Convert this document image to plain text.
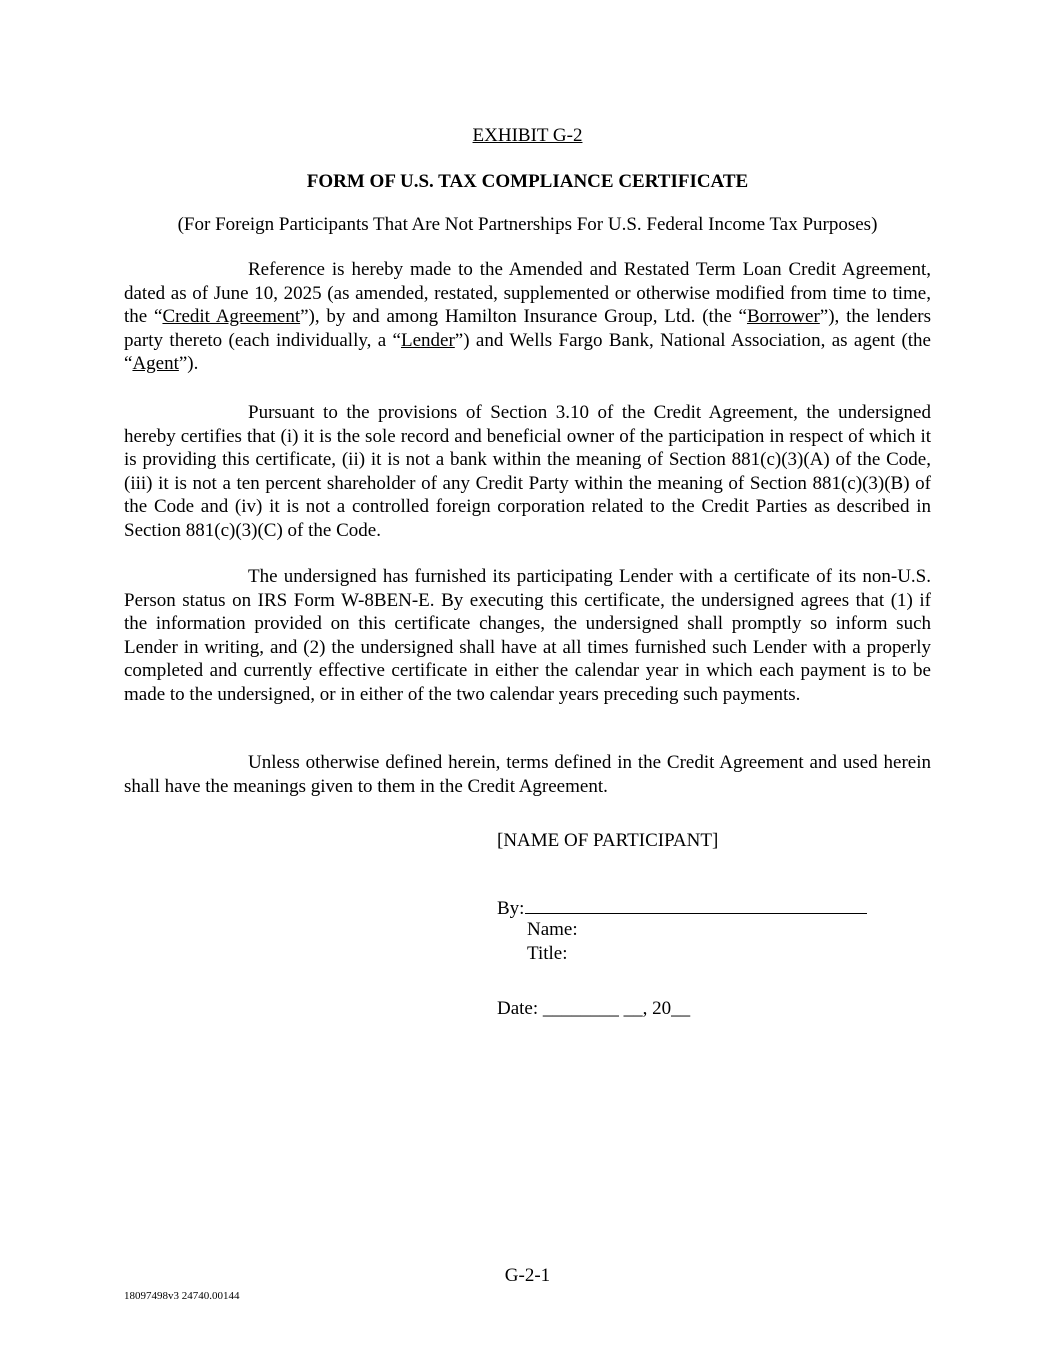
EXHIBIT G-2
FORM OF U.S. TAX COMPLIANCE CERTIFICATE
(For Foreign Participants That Are Not Partnerships For U.S. Federal Income Tax Purposes)

Reference is hereby made to the Amended and Restated Term Loan Credit Agreement, dated as of June 10, 2025 (as amended, restated, supplemented or otherwise modified from time to time, the “Credit Agreement”), by and among Hamilton Insurance Group, Ltd. (the “Borrower”), the lenders party thereto (each individually, a “Lender”) and Wells Fargo Bank, National Association, as agent (the “Agent”).

Pursuant to the provisions of Section 3.10 of the Credit Agreement, the undersigned hereby certifies that (i) it is the sole record and beneficial owner of the participation in respect of which it is providing this certificate, (ii) it is not a bank within the meaning of Section 881(c)(3)(A) of the Code, (iii) it is not a ten percent shareholder of any Credit Party within the meaning of Section 881(c)(3)(B) of the Code and (iv) it is not a controlled foreign corporation related to the Credit Parties as described in Section 881(c)(3)(C) of the Code.

The undersigned has furnished its participating Lender with a certificate of its non-U.S. Person status on IRS Form W-8BEN-E. By executing this certificate, the undersigned agrees that (1) if the information provided on this certificate changes, the undersigned shall promptly so inform such Lender in writing, and (2) the undersigned shall have at all times furnished such Lender with a properly completed and currently effective certificate in either the calendar year in which each payment is to be made to the undersigned, or in either of the two calendar years preceding such payments.

Unless otherwise defined herein, terms defined in the Credit Agreement and used herein shall have the meanings given to them in the Credit Agreement.

[NAME OF PARTICIPANT]
By:
Name:
Title:
Date: ________ __, 20__
G-2-1
18097498v3 24740.00144
